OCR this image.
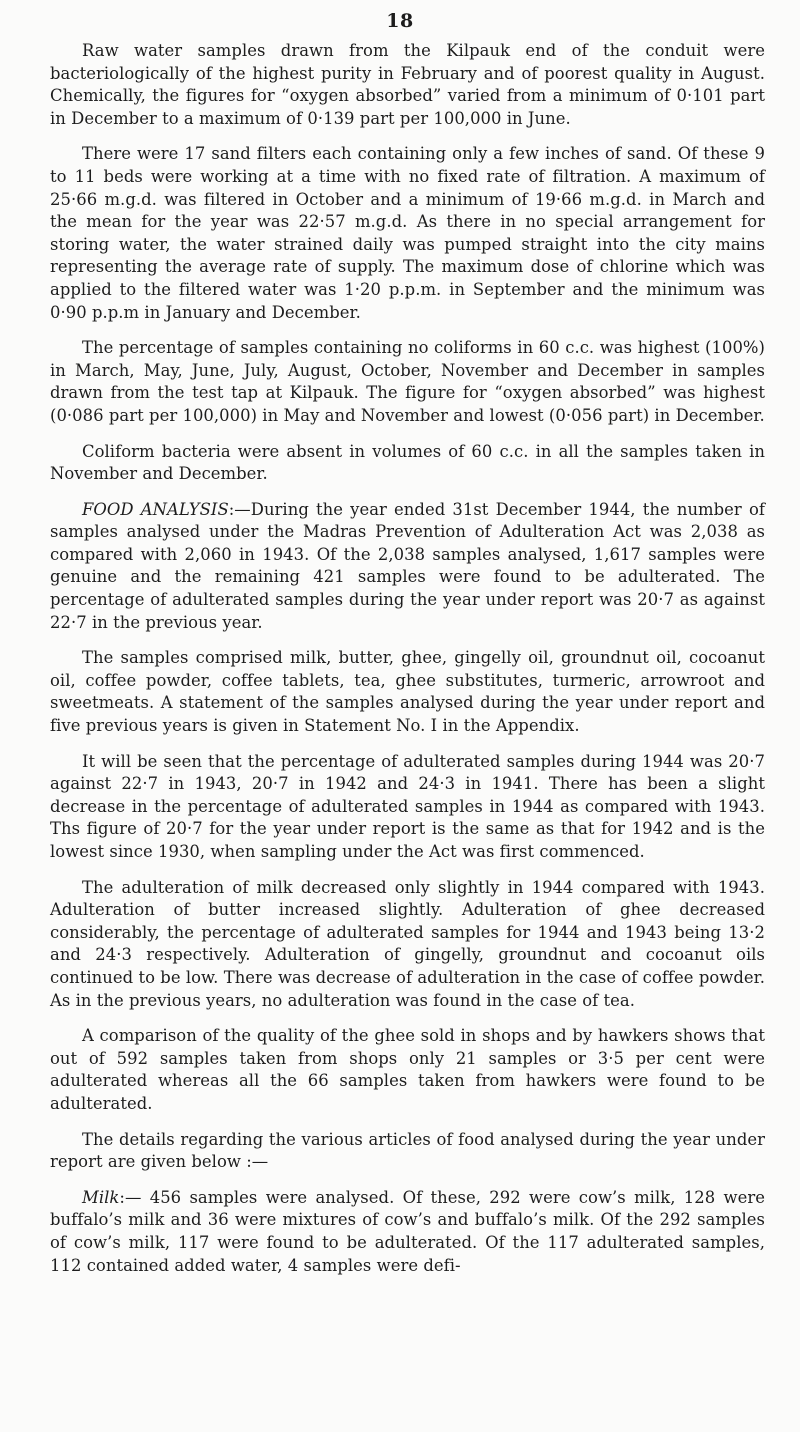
18

Raw water samples drawn from the Kilpauk end of the conduit were bacteriologically of the highest purity in February and of poorest quality in August. Chemically, the figures for “oxygen absorbed” varied from a minimum of 0·101 part in December to a maximum of 0·139 part per 100,000 in June.

There were 17 sand filters each containing only a few inches of sand. Of these 9 to 11 beds were working at a time with no fixed rate of filtration. A maximum of 25·66 m.g.d. was filtered in October and a minimum of 19·66 m.g.d. in March and the mean for the year was 22·57 m.g.d. As there in no special arrangement for storing water, the water strained daily was pumped straight into the city mains representing the average rate of supply. The maximum dose of chlorine which was applied to the filtered water was 1·20 p.p.m. in September and the minimum was 0·90 p.p.m in January and December.

The percentage of samples containing no coliforms in 60 c.c. was highest (100%) in March, May, June, July, August, October, November and December in samples drawn from the test tap at Kilpauk. The figure for “oxygen absorbed” was highest (0·086 part per 100,000) in May and November and lowest (0·056 part) in December.

Coliform bacteria were absent in volumes of 60 c.c. in all the samples taken in November and December.

FOOD ANALYSIS:—During the year ended 31st December 1944, the number of samples analysed under the Madras Prevention of Adulteration Act was 2,038 as compared with 2,060 in 1943. Of the 2,038 samples analysed, 1,617 samples were genuine and the remaining 421 samples were found to be adulterated. The percentage of adulterated samples during the year under report was 20·7 as against 22·7 in the previous year.

The samples comprised milk, butter, ghee, gingelly oil, groundnut oil, cocoanut oil, coffee powder, coffee tablets, tea, ghee substitutes, turmeric, arrowroot and sweetmeats. A statement of the samples analysed during the year under report and five previous years is given in Statement No. I in the Appendix.

It will be seen that the percentage of adulterated samples during 1944 was 20·7 against 22·7 in 1943, 20·7 in 1942 and 24·3 in 1941. There has been a slight decrease in the percentage of adulterated samples in 1944 as compared with 1943. Ths figure of 20·7 for the year under report is the same as that for 1942 and is the lowest since 1930, when sampling under the Act was first commenced.

The adulteration of milk decreased only slightly in 1944 compared with 1943. Adulteration of butter increased slightly. Adulteration of ghee decreased considerably, the percentage of adulterated samples for 1944 and 1943 being 13·2 and 24·3 respectively. Adulteration of gingelly, groundnut and cocoanut oils continued to be low. There was decrease of adulteration in the case of coffee powder. As in the previous years, no adulteration was found in the case of tea.

A comparison of the quality of the ghee sold in shops and by hawkers shows that out of 592 samples taken from shops only 21 samples or 3·5 per cent were adulterated whereas all the 66 samples taken from hawkers were found to be adulterated.

The details regarding the various articles of food analysed during the year under report are given below :—

Milk:— 456 samples were analysed. Of these, 292 were cow’s milk, 128 were buffalo’s milk and 36 were mixtures of cow’s and buffalo’s milk. Of the 292 samples of cow’s milk, 117 were found to be adulterated. Of the 117 adulterated samples, 112 contained added water, 4 samples were defi-
